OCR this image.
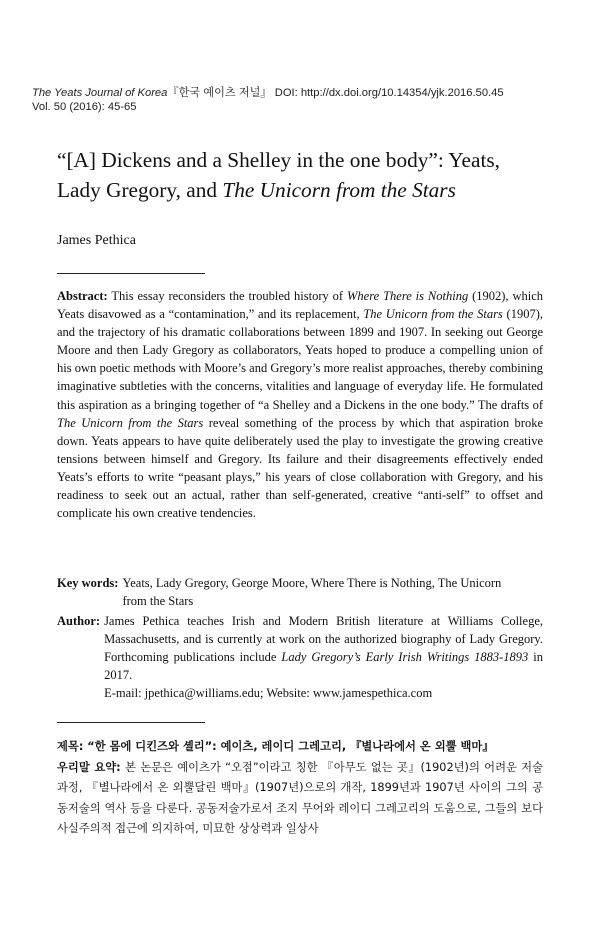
The Yeats Journal of Korea『한국 예이츠 저널』 DOI: http://dx.doi.org/10.14354/yjk.2016.50.45
Vol. 50 (2016): 45-65
“[A] Dickens and a Shelley in the one body”: Yeats,
Lady Gregory, and The Unicorn from the Stars
James Pethica
Abstract: This essay reconsiders the troubled history of Where There is Nothing (1902), which Yeats disavowed as a “contamination,” and its replacement, The Unicorn from the Stars (1907), and the trajectory of his dramatic collaborations between 1899 and 1907. In seeking out George Moore and then Lady Gregory as collaborators, Yeats hoped to produce a compelling union of his own poetic methods with Moore’s and Gregory’s more realist approaches, thereby combining imaginative subtleties with the concerns, vitalities and language of everyday life. He formulated this aspiration as a bringing together of “a Shelley and a Dickens in the one body.” The drafts of The Unicorn from the Stars reveal something of the process by which that aspiration broke down. Yeats appears to have quite deliberately used the play to investigate the growing creative tensions between himself and Gregory. Its failure and their disagreements effectively ended Yeats’s efforts to write “peasant plays,” his years of close collaboration with Gregory, and his readiness to seek out an actual, rather than self-generated, creative “anti-self” to offset and complicate his own creative tendencies.
Key words: Yeats, Lady Gregory, George Moore, Where There is Nothing, The Unicorn
from the Stars
Author: James Pethica teaches Irish and Modern British literature at Williams College, Massachusetts, and is currently at work on the authorized biography of Lady Gregory. Forthcoming publications include Lady Gregory’s Early Irish Writings 1883-1893 in 2017.
E-mail: jpethica@williams.edu; Website: www.jamespethica.com
제목: “한 몸에 디킨즈와 셸리”: 예이츠, 레이디 그레고리, 『별나라에서 온 외뿔 백마』
우리말 요약: 본 논문은 예이츠가 “오점”이라고 칭한 『아무도 없는 곳』(1902년)의 어려운 저술과정, 『별나라에서 온 외뿔달린 백마』(1907년)으로의 개작, 1899년과 1907년 사이의 그의 공동저술의 역사 등을 다룬다. 공동저술가로서 조지 무어와 레이디 그레고리의 도움으로, 그들의 보다 사실주의적 접근에 의지하여, 미묘한 상상력과 일상사
